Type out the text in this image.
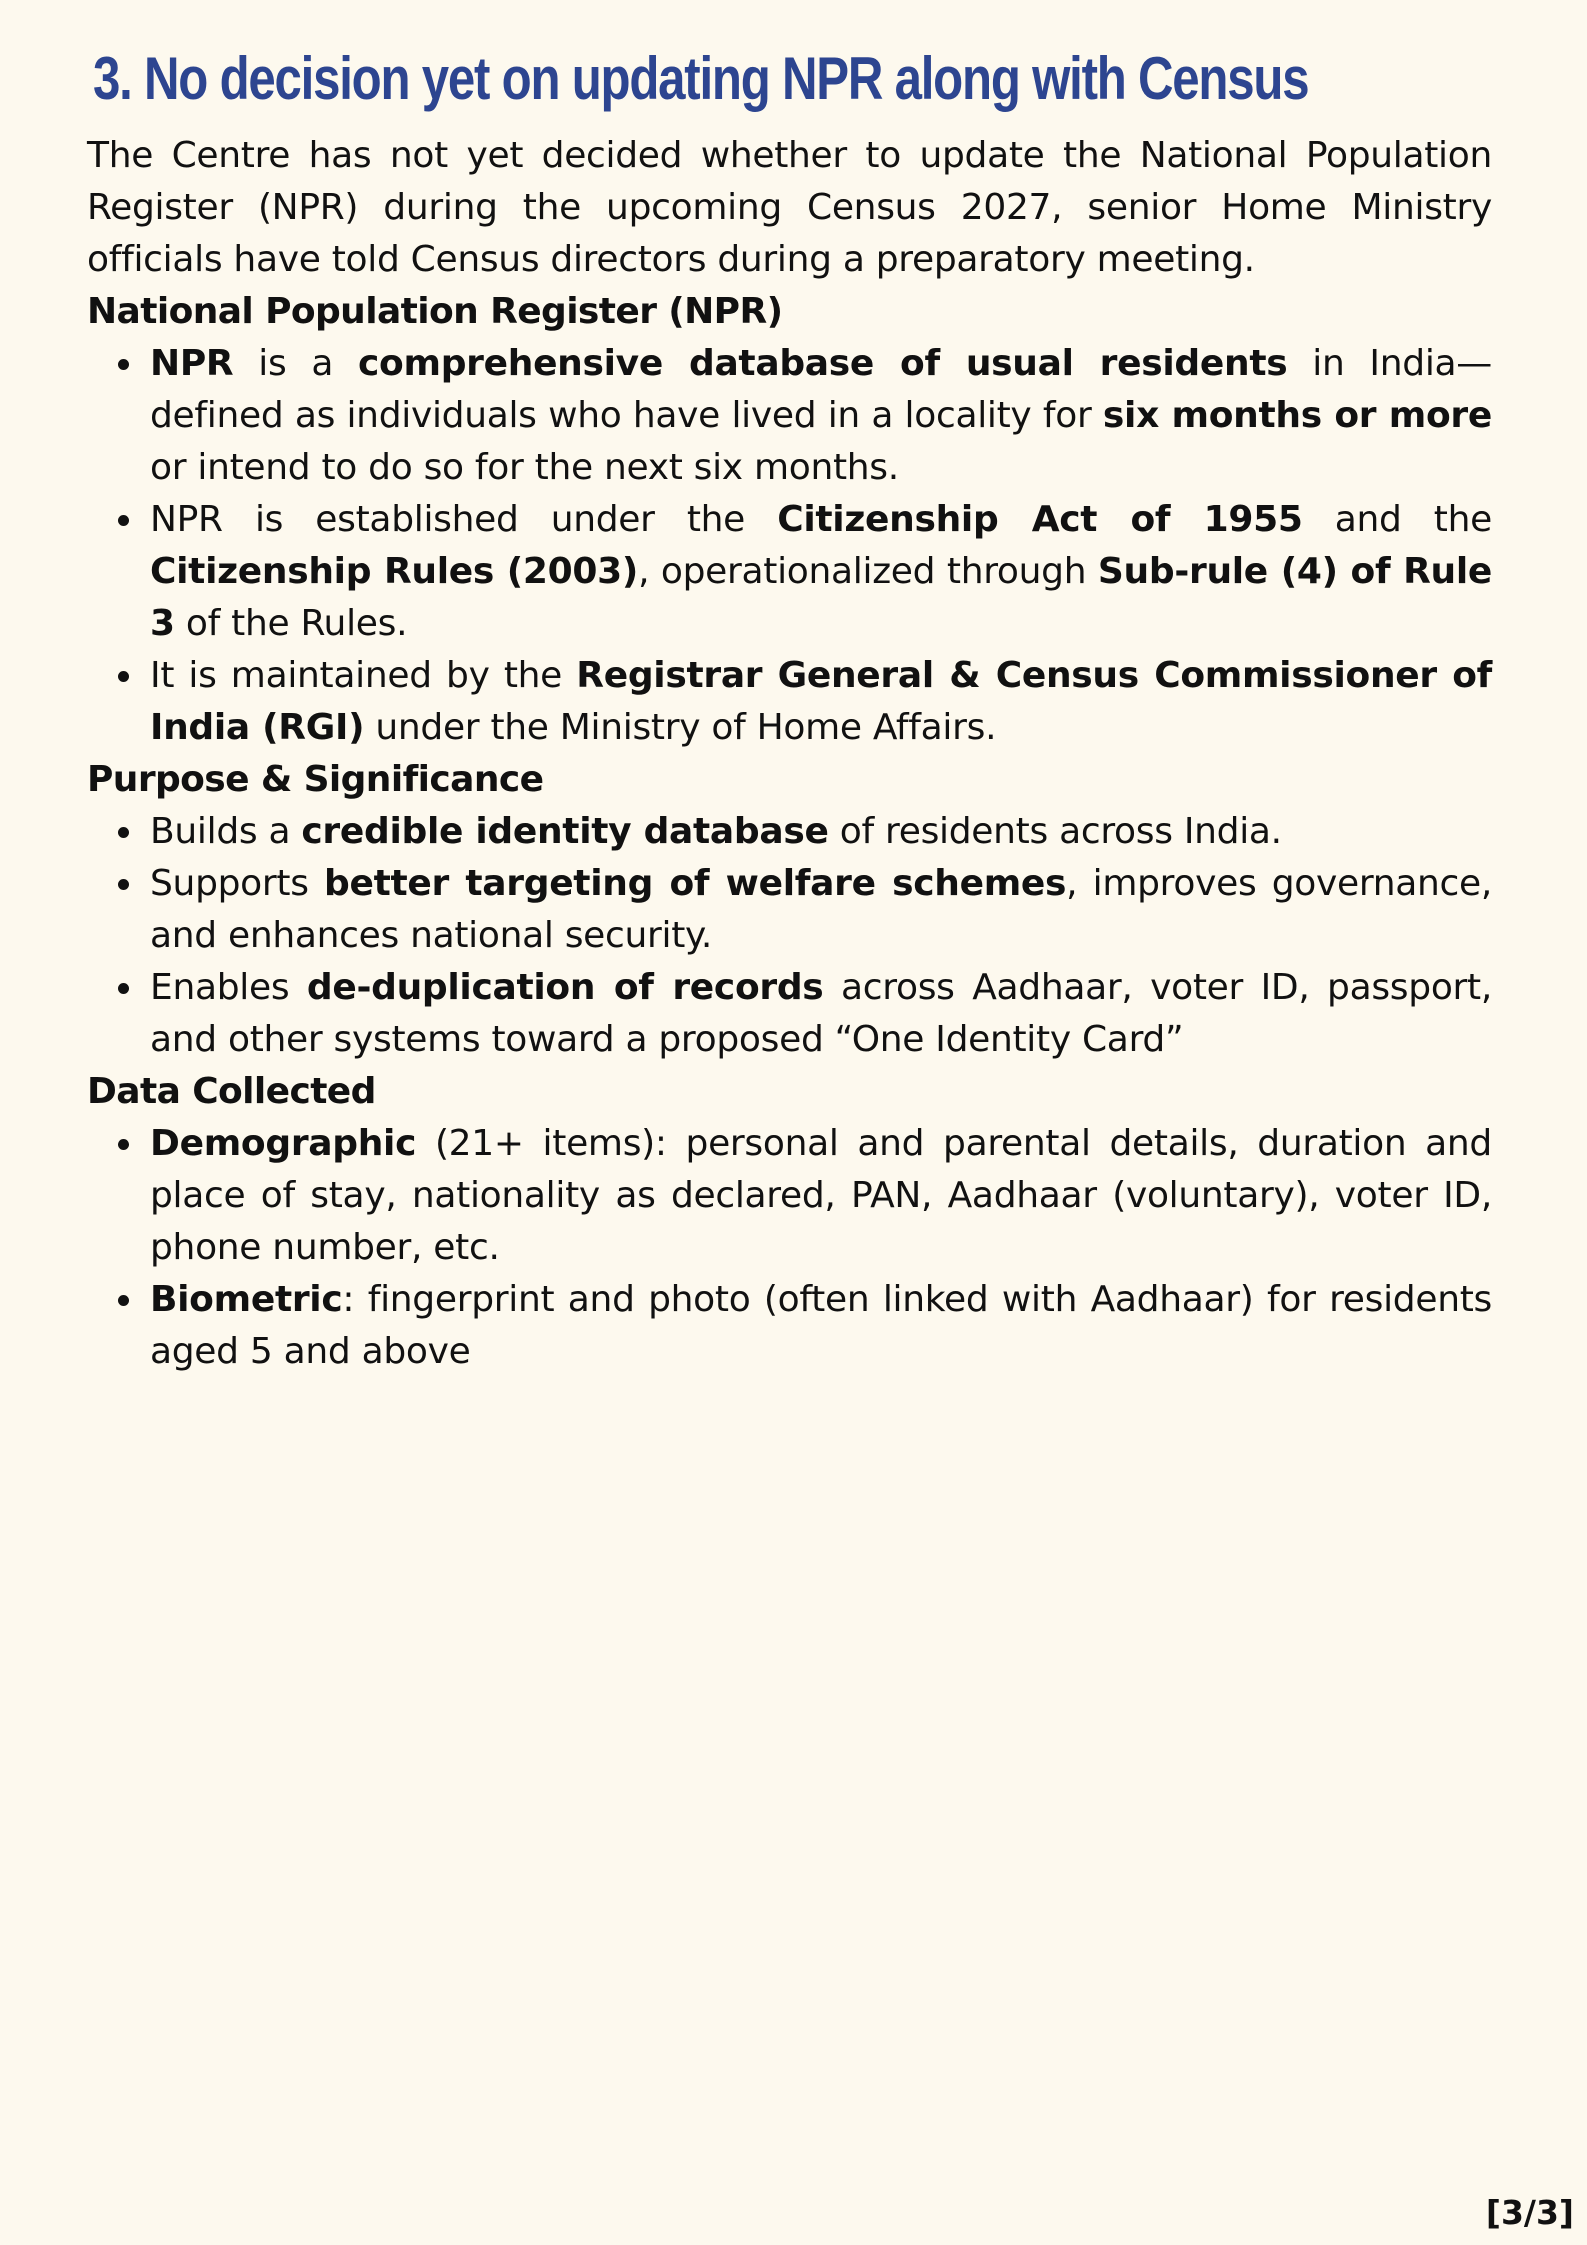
3. No decision yet on updating NPR along with Census

The Centre has not yet decided whether to update the National Population Register (NPR) during the upcoming Census 2027, senior Home Ministry officials have told Census directors during a preparatory meeting.

National Population Register (NPR)
NPR is a comprehensive database of usual residents in India—defined as individuals who have lived in a locality for six months or more or intend to do so for the next six months.
NPR is established under the Citizenship Act of 1955 and the Citizenship Rules (2003), operationalized through Sub-rule (4) of Rule 3 of the Rules.
It is maintained by the Registrar General & Census Commissioner of India (RGI) under the Ministry of Home Affairs.
Purpose & Significance
Builds a credible identity database of residents across India.
Supports better targeting of welfare schemes, improves governance, and enhances national security.
Enables de-duplication of records across Aadhaar, voter ID, passport, and other systems toward a proposed “One Identity Card”
Data Collected
Demographic (21+ items): personal and parental details, duration and place of stay, nationality as declared, PAN, Aadhaar (voluntary), voter ID, phone number, etc.
Biometric: fingerprint and photo (often linked with Aadhaar) for residents aged 5 and above
[3/3]
